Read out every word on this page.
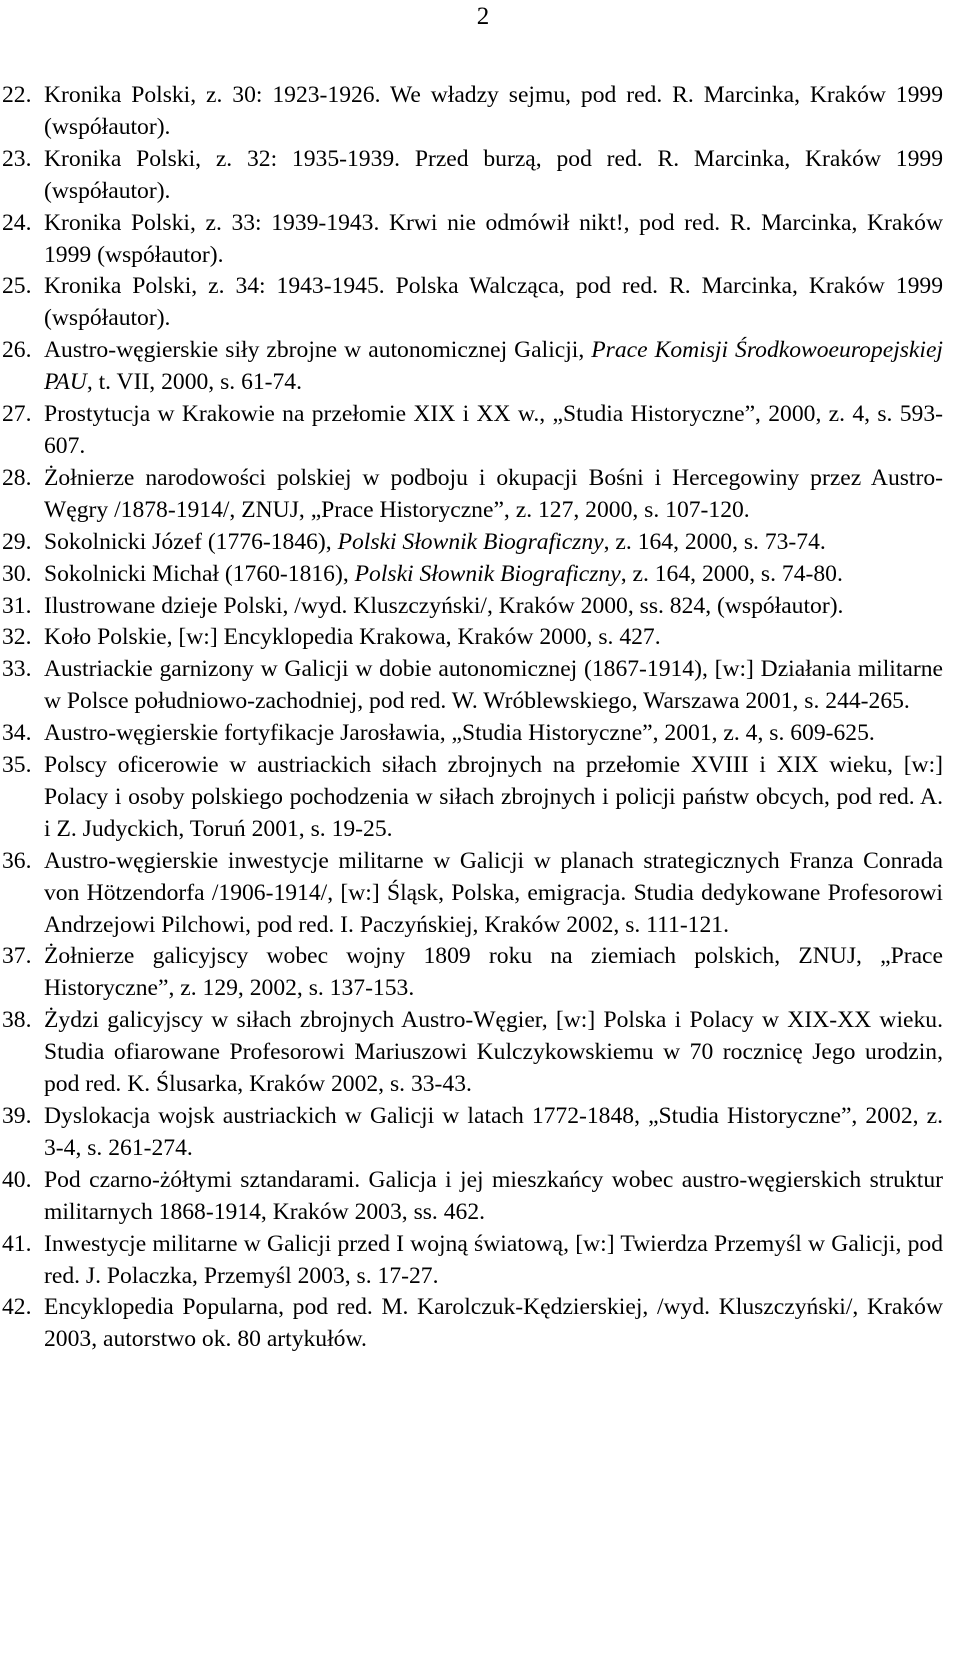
2
22. Kronika Polski, z. 30: 1923-1926. We władzy sejmu, pod red. R. Marcinka, Kraków 1999 (współautor).
23. Kronika Polski, z. 32: 1935-1939. Przed burzą, pod red. R. Marcinka, Kraków 1999 (współautor).
24. Kronika Polski, z. 33: 1939-1943. Krwi nie odmówił nikt!, pod red. R. Marcinka, Kraków 1999 (współautor).
25. Kronika Polski, z. 34: 1943-1945. Polska Walcząca, pod red. R. Marcinka, Kraków 1999 (współautor).
26. Austro-węgierskie siły zbrojne w autonomicznej Galicji, Prace Komisji Środkowoeuropejskiej PAU, t. VII, 2000, s. 61-74.
27. Prostytucja w Krakowie na przełomie XIX i XX w., „Studia Historyczne”, 2000, z. 4, s. 593-607.
28. Żołnierze narodowości polskiej w podboju i okupacji Bośni i Hercegowiny przez Austro-Węgry /1878-1914/, ZNUJ, „Prace Historyczne”, z. 127, 2000, s. 107-120.
29. Sokolnicki Józef (1776-1846), Polski Słownik Biograficzny, z. 164, 2000, s. 73-74.
30. Sokolnicki Michał (1760-1816), Polski Słownik Biograficzny, z. 164, 2000, s. 74-80.
31. Ilustrowane dzieje Polski, /wyd. Kluszczyński/, Kraków 2000, ss. 824, (współautor).
32. Koło Polskie, [w:] Encyklopedia Krakowa, Kraków 2000, s. 427.
33. Austriackie garnizony w Galicji w dobie autonomicznej (1867-1914), [w:] Działania militarne w Polsce południowo-zachodniej, pod red. W. Wróblewskiego, Warszawa 2001, s. 244-265.
34. Austro-węgierskie fortyfikacje Jarosławia, „Studia Historyczne”, 2001, z. 4, s. 609-625.
35. Polscy oficerowie w austriackich siłach zbrojnych na przełomie XVIII i XIX wieku, [w:] Polacy i osoby polskiego pochodzenia w siłach zbrojnych i policji państw obcych, pod red. A. i Z. Judyckich, Toruń 2001, s. 19-25.
36. Austro-węgierskie inwestycje militarne w Galicji w planach strategicznych Franza Conrada von Hötzendorfa /1906-1914/, [w:] Śląsk, Polska, emigracja. Studia dedykowane Profesorowi Andrzejowi Pilchowi, pod red. I. Paczyńskiej, Kraków 2002, s. 111-121.
37. Żołnierze galicyjscy wobec wojny 1809 roku na ziemiach polskich, ZNUJ, „Prace Historyczne”, z. 129, 2002, s. 137-153.
38. Żydzi galicyjscy w siłach zbrojnych Austro-Węgier, [w:] Polska i Polacy w XIX-XX wieku. Studia ofiarowane Profesorowi Mariuszowi Kulczykowskiemu w 70 rocznicę Jego urodzin, pod red. K. Ślusarka, Kraków 2002, s. 33-43.
39. Dyslokacja wojsk austriackich w Galicji w latach 1772-1848, „Studia Historyczne”, 2002, z. 3-4, s. 261-274.
40. Pod czarno-żółtymi sztandarami. Galicja i jej mieszkańcy wobec austro-węgierskich struktur militarnych 1868-1914, Kraków 2003, ss. 462.
41. Inwestycje militarne w Galicji przed I wojną światową, [w:] Twierdza Przemyśl w Galicji, pod red. J. Polaczka, Przemyśl 2003, s. 17-27.
42. Encyklopedia Popularna, pod red. M. Karolczuk-Kędzierskiej, /wyd. Kluszczyński/, Kraków 2003, autorstwo ok. 80 artykułów.
